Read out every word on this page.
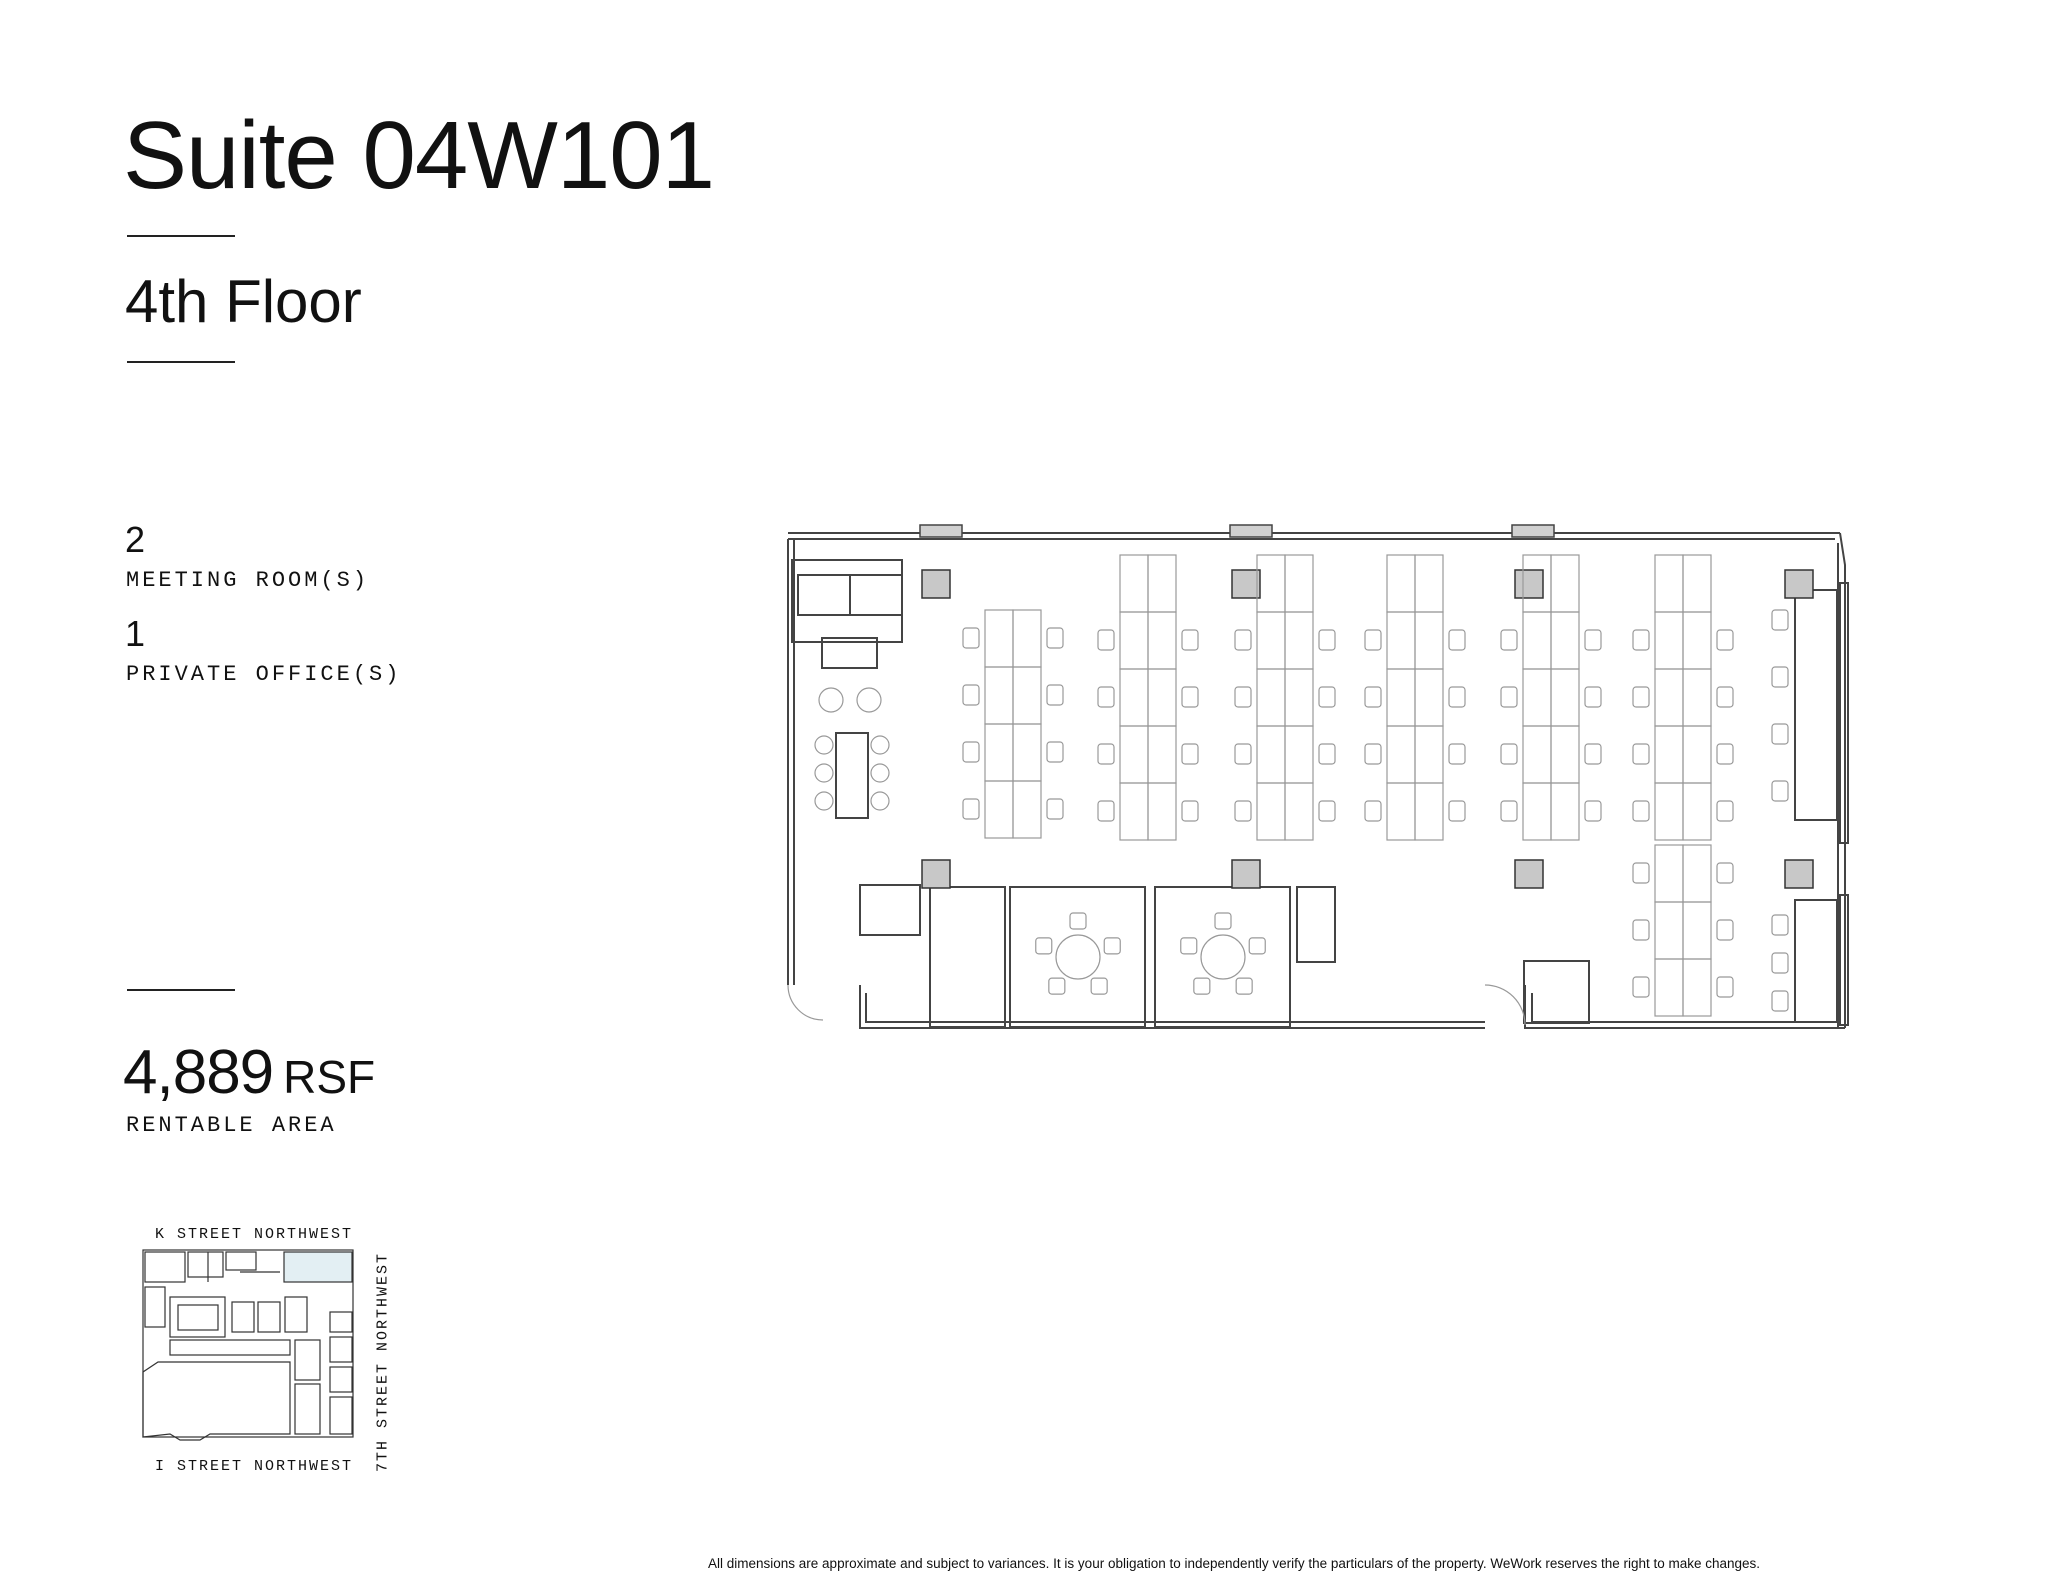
Suite 04W101
4th Floor
2
MEETING ROOM(S)
1
PRIVATE OFFICE(S)
4,889 RSF
RENTABLE AREA
K STREET NORTHWEST
I STREET NORTHWEST 7TH STREET NORTHWEST
All dimensions are approximate and subject to variances. It is your obligation to independently verify the particulars of the property. WeWork reserves the right to make changes.
